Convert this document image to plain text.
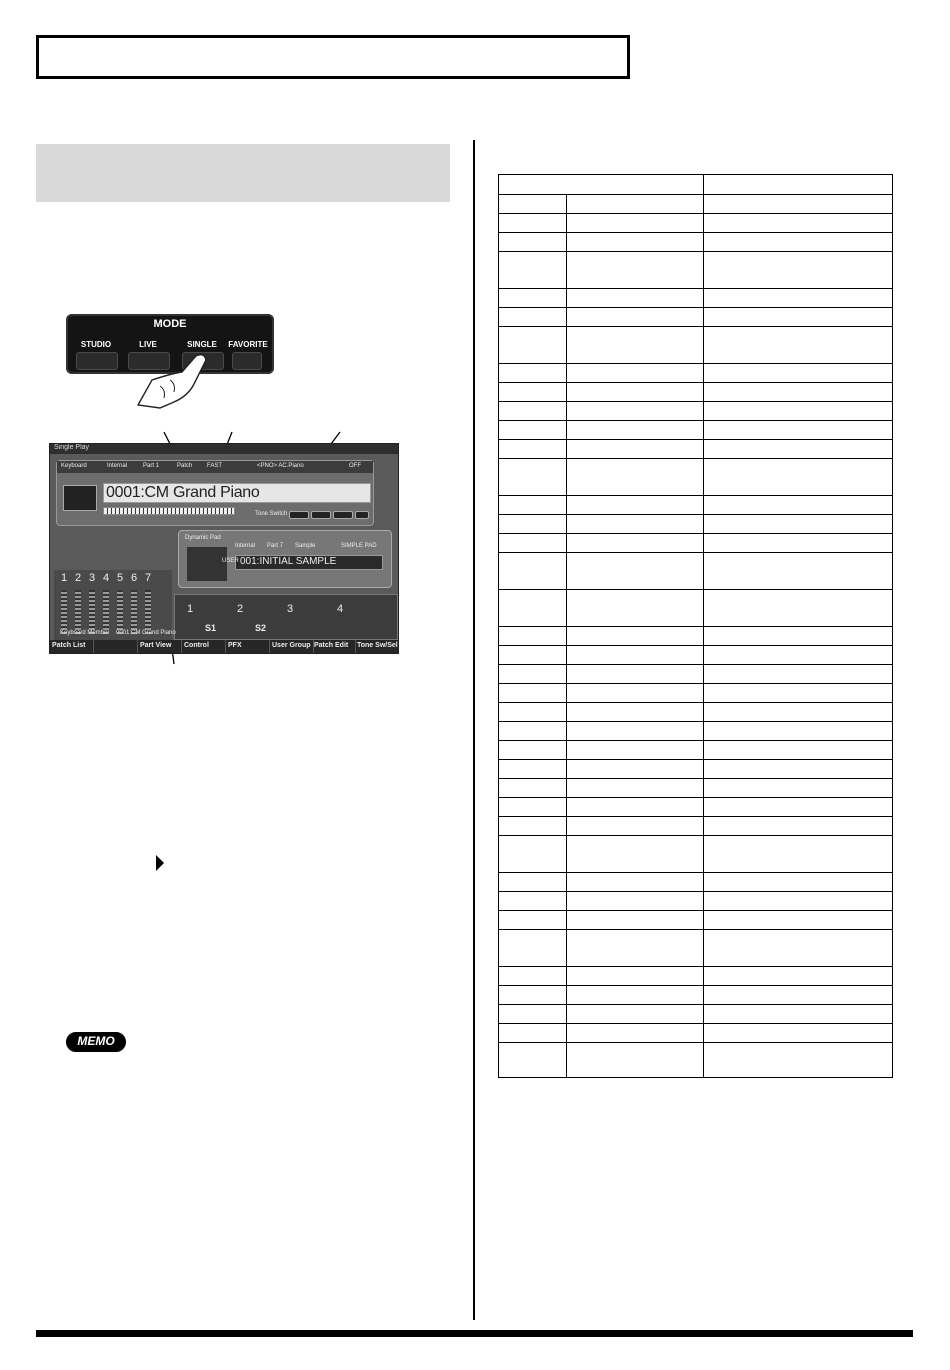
MODE
STUDIO	LIVE	SINGLE	FAVORITE
Single Play
Keyboard	Internal	Part 1	Patch FAST	<PNO> AC.Piano	OFF
0001:CM Grand Piano
Tone Switch
Dynamic Pad
Internal Part 7 Sample	SIMPLE PAD
USER 001:INITIAL SAMPLE
1 2 3 4 5 6 7
1	2	3	4
S1	S2
Keyboard Member 0001:CM Grand Piano
Patch List	Part View Control	PFX	User Group Patch Edit Tone Sw/Sel
MEMO
